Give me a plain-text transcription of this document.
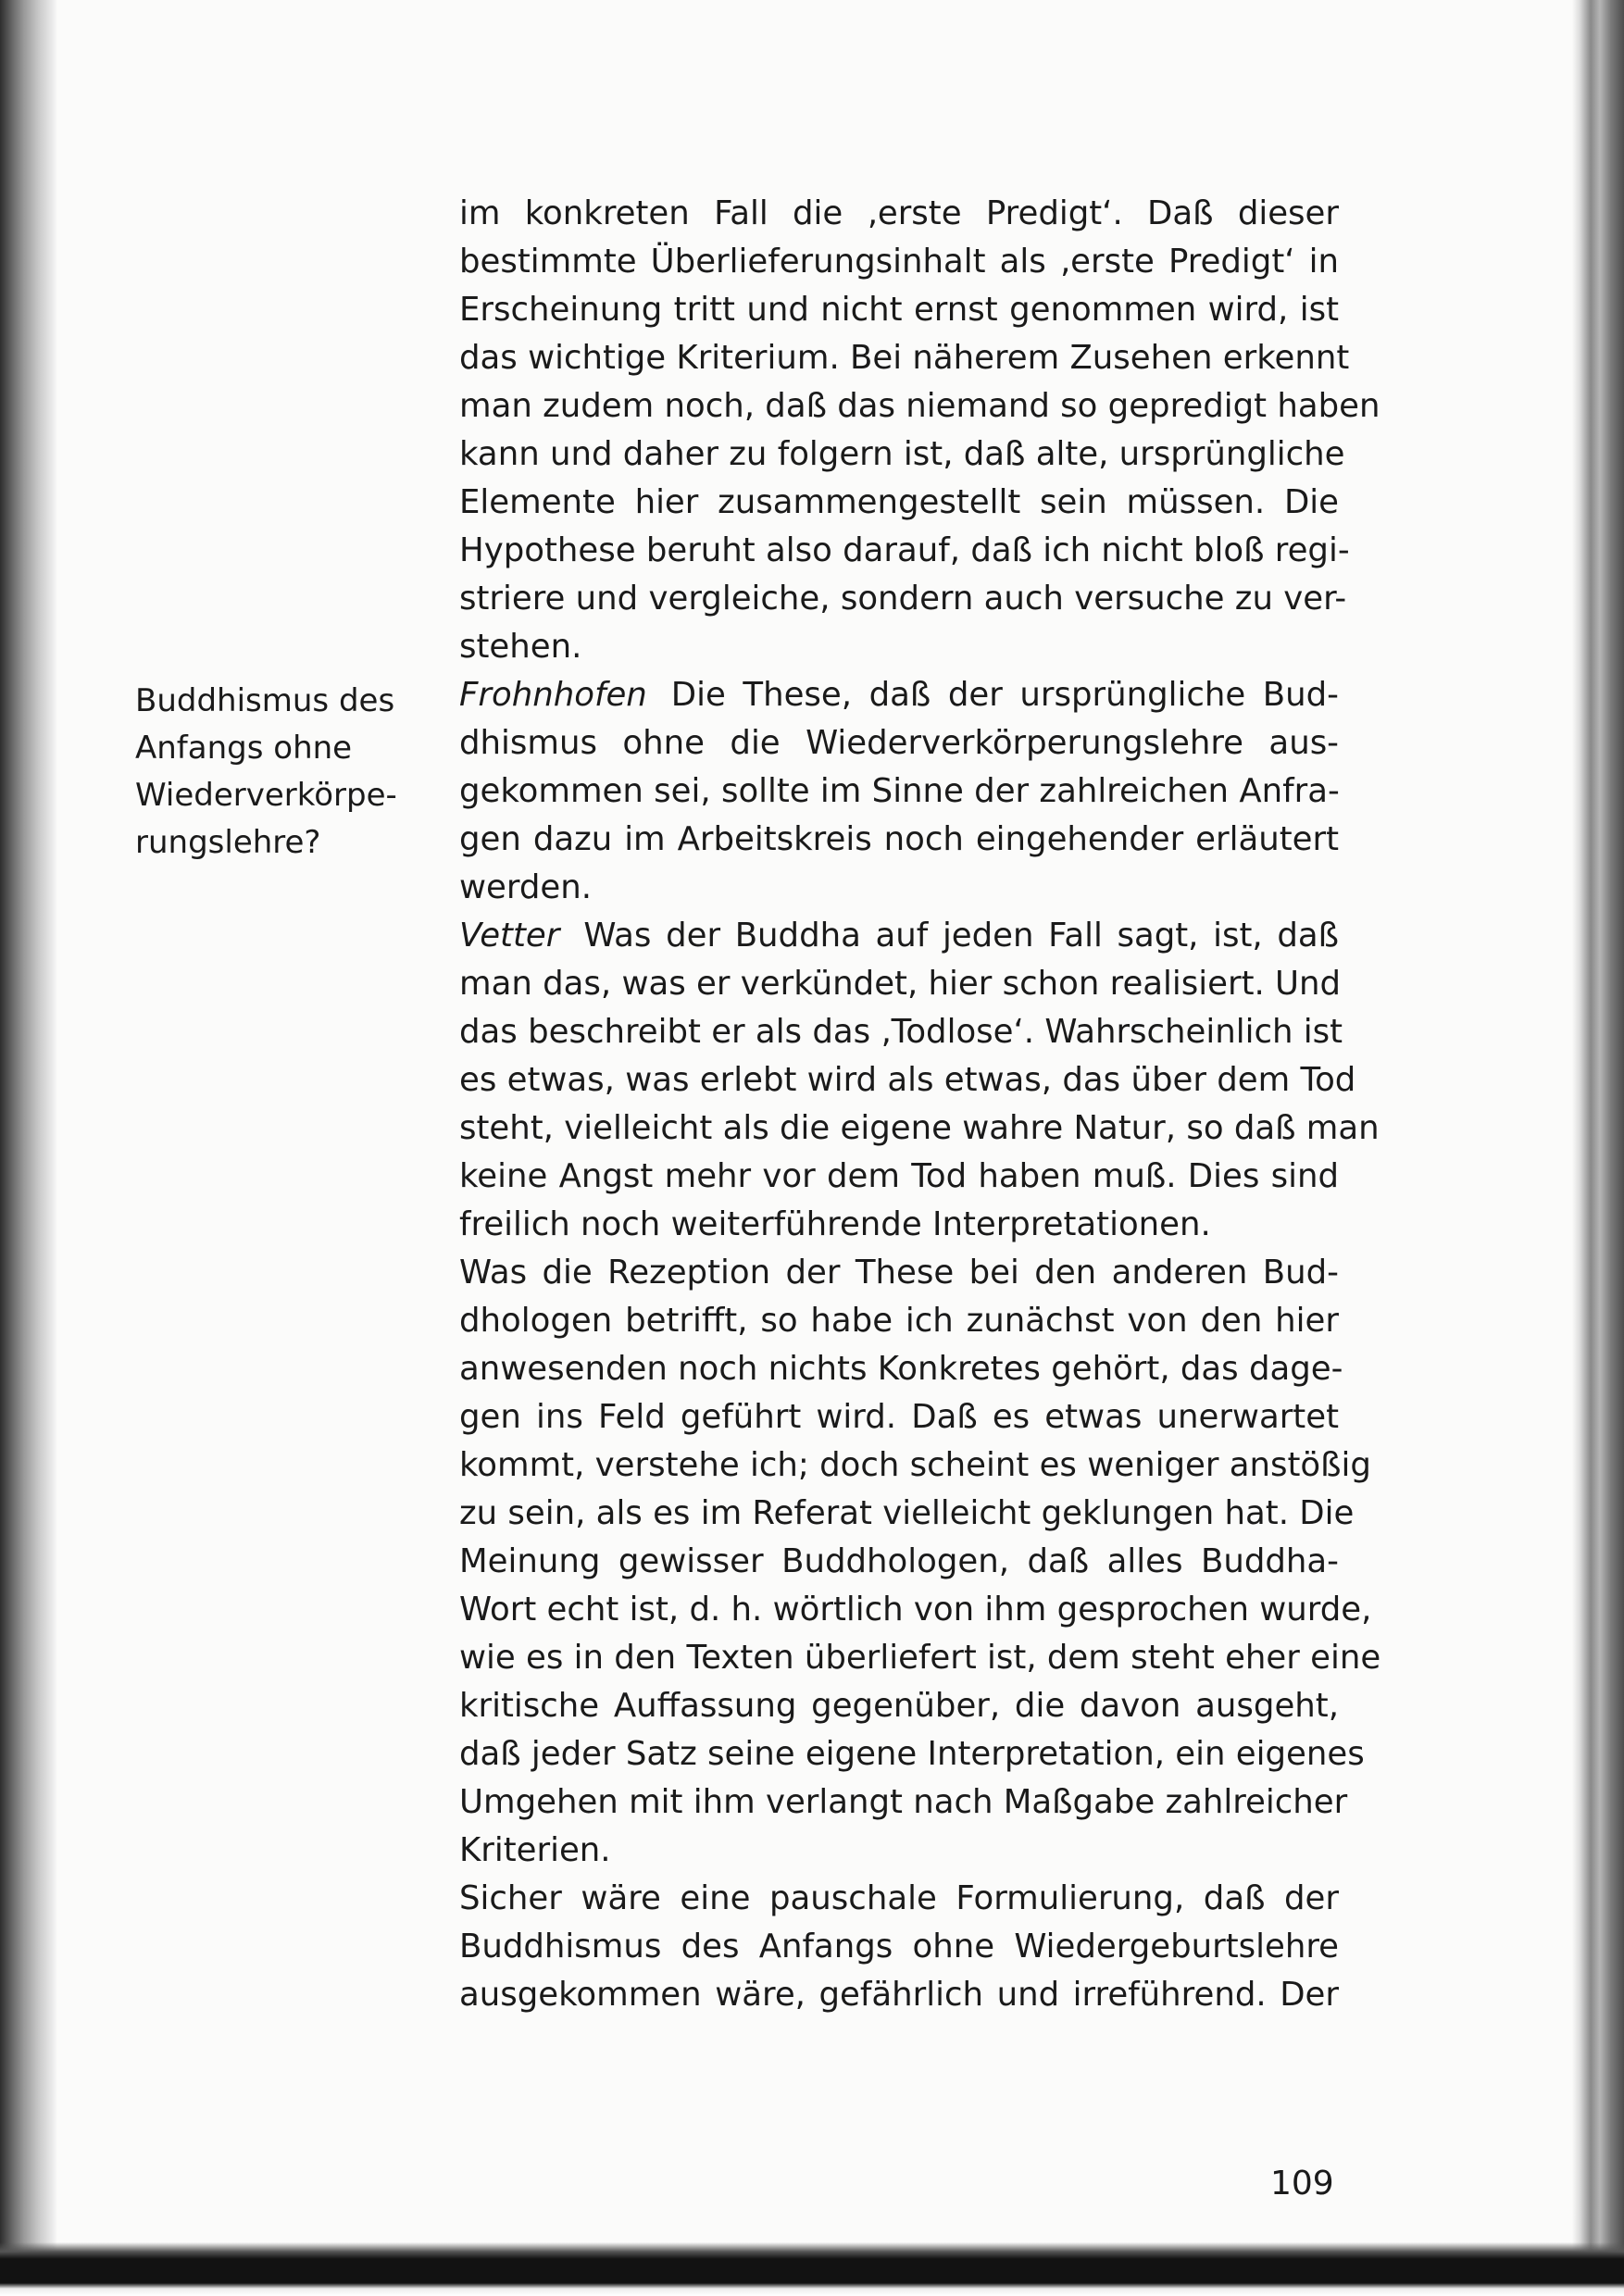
Buddhismus des
Anfangs ohne
Wiederverkörpe-
rungslehre?
im konkreten Fall die ‚erste Predigt‘. Daß dieser
bestimmte Überlieferungsinhalt als ‚erste Predigt‘ in
Erscheinung tritt und nicht ernst genommen wird, ist
das wichtige Kriterium. Bei näherem Zusehen erkennt
man zudem noch, daß das niemand so gepredigt haben
kann und daher zu folgern ist, daß alte, ursprüngliche
Elemente hier zusammengestellt sein müssen. Die
Hypothese beruht also darauf, daß ich nicht bloß regi-
striere und vergleiche, sondern auch versuche zu ver-
stehen.
Frohnhofen Die These, daß der ursprüngliche Bud-
dhismus ohne die Wiederverkörperungslehre aus-
gekommen sei, sollte im Sinne der zahlreichen Anfra-
gen dazu im Arbeitskreis noch eingehender erläutert
werden.
Vetter Was der Buddha auf jeden Fall sagt, ist, daß
man das, was er verkündet, hier schon realisiert. Und
das beschreibt er als das ‚Todlose‘. Wahrscheinlich ist
es etwas, was erlebt wird als etwas, das über dem Tod
steht, vielleicht als die eigene wahre Natur, so daß man
keine Angst mehr vor dem Tod haben muß. Dies sind
freilich noch weiterführende Interpretationen.
Was die Rezeption der These bei den anderen Bud-
dhologen betrifft, so habe ich zunächst von den hier
anwesenden noch nichts Konkretes gehört, das dage-
gen ins Feld geführt wird. Daß es etwas unerwartet
kommt, verstehe ich; doch scheint es weniger anstößig
zu sein, als es im Referat vielleicht geklungen hat. Die
Meinung gewisser Buddhologen, daß alles Buddha-
Wort echt ist, d. h. wörtlich von ihm gesprochen wurde,
wie es in den Texten überliefert ist, dem steht eher eine
kritische Auffassung gegenüber, die davon ausgeht,
daß jeder Satz seine eigene Interpretation, ein eigenes
Umgehen mit ihm verlangt nach Maßgabe zahlreicher
Kriterien.
Sicher wäre eine pauschale Formulierung, daß der
Buddhismus des Anfangs ohne Wiedergeburtslehre
ausgekommen wäre, gefährlich und irreführend. Der
109
